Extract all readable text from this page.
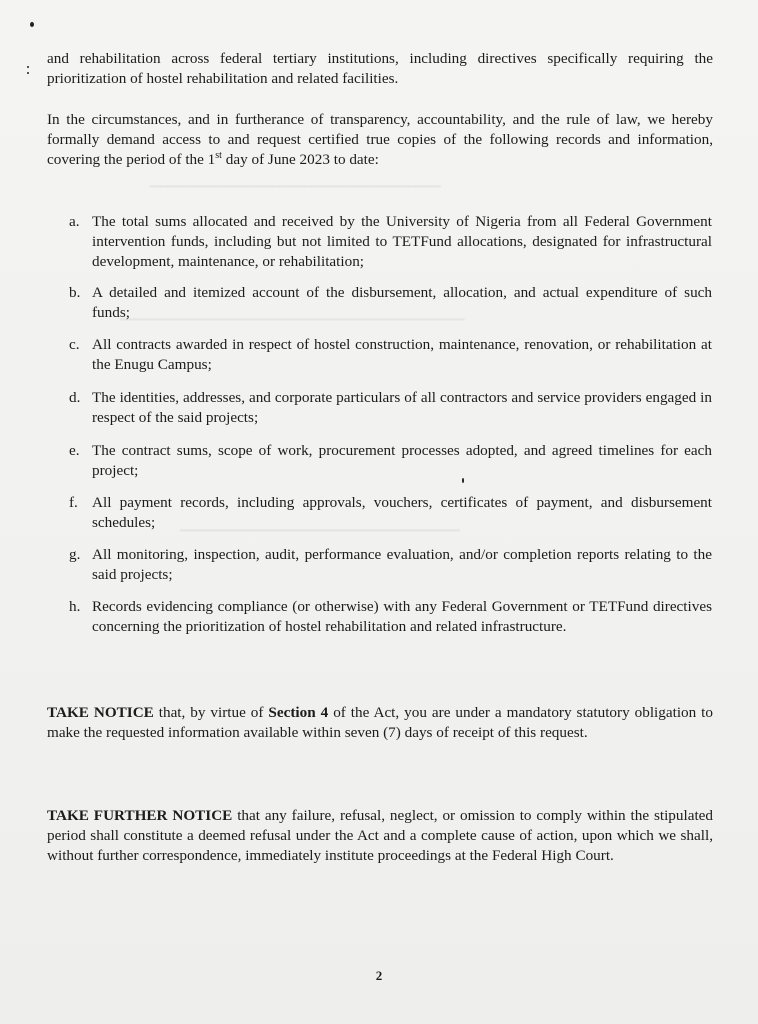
▁▁▁▁▁▁▁▁▁▁▁▁▁▁▁▁▁▁▁▁▁▁▁▁▁▁▁
▁▁▁▁▁▁▁▁▁▁▁▁▁▁▁▁▁▁▁▁▁▁▁▁▁▁▁▁▁▁▁▁
▁▁▁▁▁▁▁▁▁▁▁▁▁▁▁▁▁▁▁▁▁▁▁▁▁▁
and rehabilitation across federal tertiary institutions, including directives specifically requiring the prioritization of hostel rehabilitation and related facilities.
In the circumstances, and in furtherance of transparency, accountability, and the rule of law, we hereby formally demand access to and request certified true copies of the following records and information, covering the period of the 1st day of June 2023 to date:
a. The total sums allocated and received by the University of Nigeria from all Federal Government intervention funds, including but not limited to TETFund allocations, designated for infrastructural development, maintenance, or rehabilitation;
b. A detailed and itemized account of the disbursement, allocation, and actual expenditure of such funds;
c. All contracts awarded in respect of hostel construction, maintenance, renovation, or rehabilitation at the Enugu Campus;
d. The identities, addresses, and corporate particulars of all contractors and service providers engaged in respect of the said projects;
e. The contract sums, scope of work, procurement processes adopted, and agreed timelines for each project;
f. All payment records, including approvals, vouchers, certificates of payment, and disbursement schedules;
g. All monitoring, inspection, audit, performance evaluation, and/or completion reports relating to the said projects;
h. Records evidencing compliance (or otherwise) with any Federal Government or TETFund directives concerning the prioritization of hostel rehabilitation and related infrastructure.
TAKE NOTICE that, by virtue of Section 4 of the Act, you are under a mandatory statutory obligation to make the requested information available within seven (7) days of receipt of this request.
TAKE FURTHER NOTICE that any failure, refusal, neglect, or omission to comply within the stipulated period shall constitute a deemed refusal under the Act and a complete cause of action, upon which we shall, without further correspondence, immediately institute proceedings at the Federal High Court.
2
